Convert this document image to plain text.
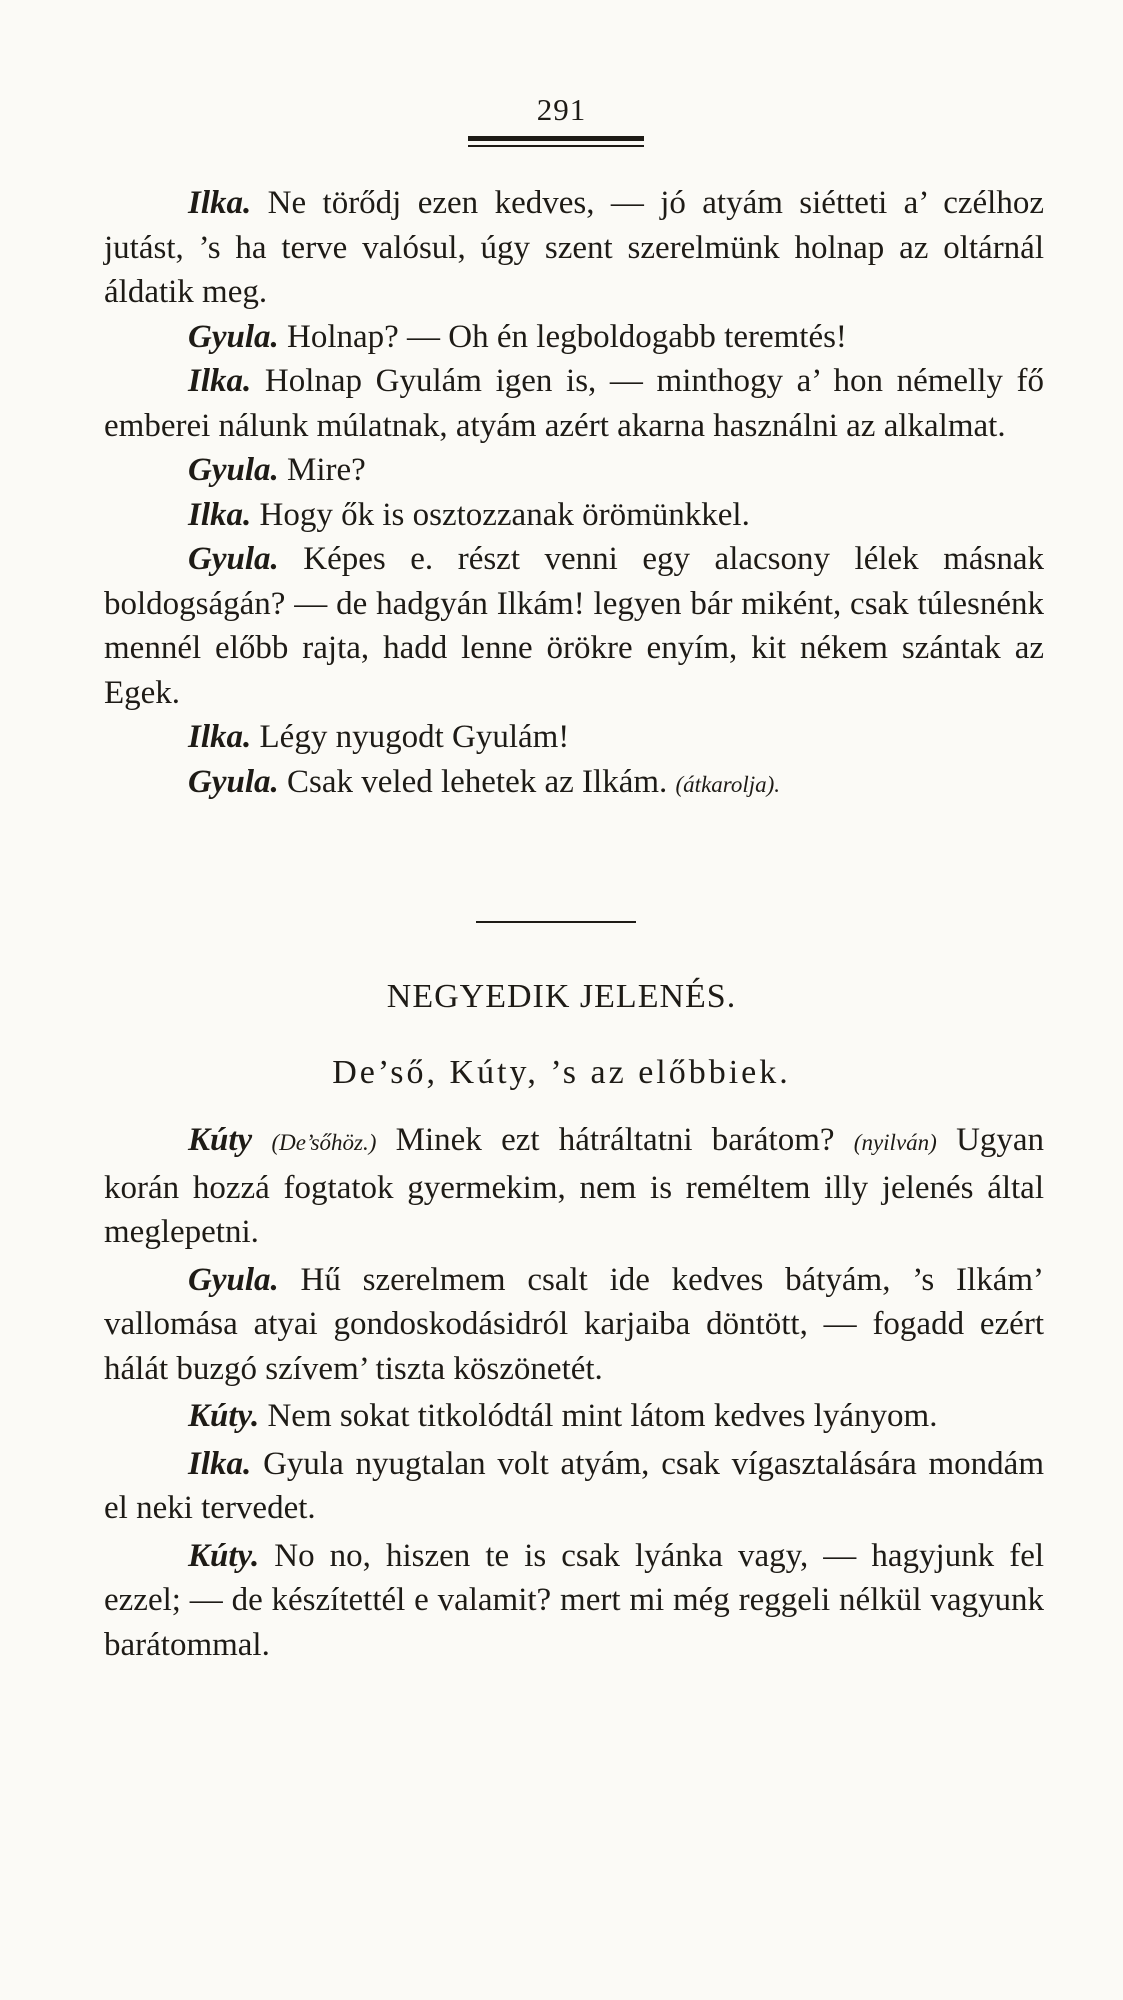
291

Ilka. Ne törődj ezen kedves, — jó atyám siétteti a’ czélhoz jutást, ’s ha terve valósul, úgy szent szerelmünk holnap az oltárnál áldatik meg.

Gyula. Holnap? — Oh én legboldogabb teremtés!

Ilka. Holnap Gyulám igen is, — minthogy a’ hon némelly fő emberei nálunk múlatnak, atyám azért akarna használni az alkalmat.

Gyula. Mire?

Ilka. Hogy ők is osztozzanak örömünkkel.

Gyula. Képes e. részt venni egy alacsony lélek másnak boldogságán? — de hadgyán Ilkám! legyen bár miként, csak túlesnénk mennél előbb rajta, hadd lenne örökre enyím, kit nékem szántak az Egek.

Ilka. Légy nyugodt Gyulám!

Gyula. Csak veled lehetek az Ilkám. (átkarolja).

NEGYEDIK JELENÉS.
De’ső, Kúty, ’s az előbbiek.

Kúty (De’sőhöz.) Minek ezt hátráltatni barátom? (nyilván) Ugyan korán hozzá fogtatok gyermekim, nem is reméltem illy jelenés által meglepetni.

Gyula. Hű szerelmem csalt ide kedves bátyám, ’s Ilkám’ vallomása atyai gondoskodásidról karjaiba döntött, — fogadd ezért hálát buzgó szívem’ tiszta köszönetét.

Kúty. Nem sokat titkolódtál mint látom kedves lyányom.

Ilka. Gyula nyugtalan volt atyám, csak vígasztalására mondám el neki tervedet.

Kúty. No no, hiszen te is csak lyánka vagy, — hagyjunk fel ezzel; — de készítettél e valamit? mert mi még reggeli nélkül vagyunk barátommal.
